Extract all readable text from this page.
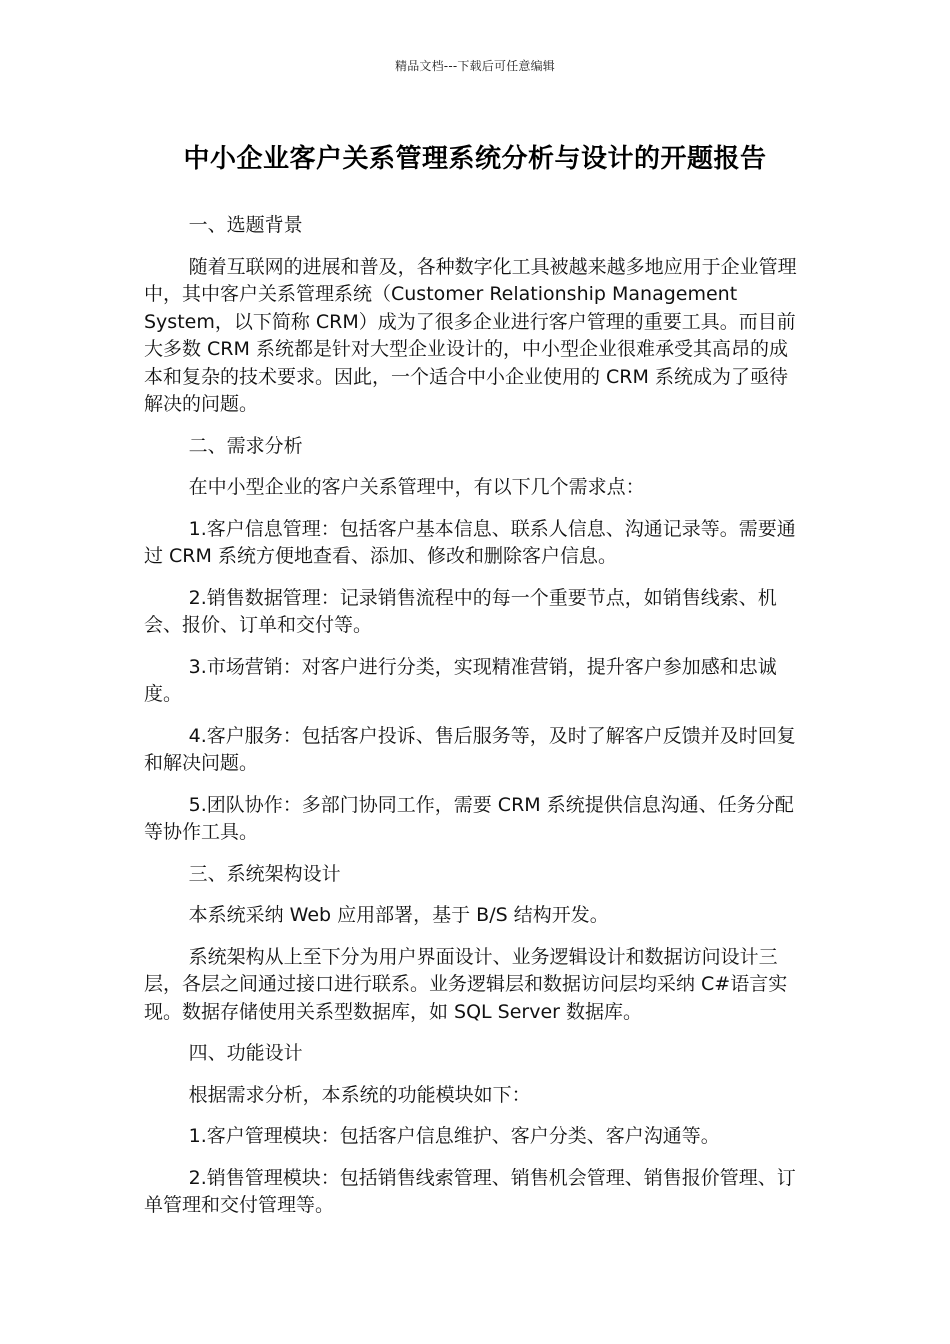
精品文档---下载后可任意编辑
中小企业客户关系管理系统分析与设计的开题报告

一、选题背景

随着互联网的进展和普及，各种数字化工具被越来越多地应用于企业管理中，其中客户关系管理系统（Customer Relationship Management System，以下简称 CRM）成为了很多企业进行客户管理的重要工具。而目前大多数 CRM 系统都是针对大型企业设计的，中小型企业很难承受其高昂的成本和复杂的技术要求。因此，一个适合中小企业使用的 CRM 系统成为了亟待解决的问题。

二、需求分析

在中小型企业的客户关系管理中，有以下几个需求点：

1.客户信息管理：包括客户基本信息、联系人信息、沟通记录等。需要通过 CRM 系统方便地查看、添加、修改和删除客户信息。

2.销售数据管理：记录销售流程中的每一个重要节点，如销售线索、机会、报价、订单和交付等。

3.市场营销：对客户进行分类，实现精准营销，提升客户参加感和忠诚度。

4.客户服务：包括客户投诉、售后服务等，及时了解客户反馈并及时回复和解决问题。

5.团队协作：多部门协同工作，需要 CRM 系统提供信息沟通、任务分配等协作工具。

三、系统架构设计

本系统采纳 Web 应用部署，基于 B/S 结构开发。

系统架构从上至下分为用户界面设计、业务逻辑设计和数据访问设计三层，各层之间通过接口进行联系。业务逻辑层和数据访问层均采纳 C#语言实现。数据存储使用关系型数据库，如 SQL Server 数据库。

四、功能设计

根据需求分析，本系统的功能模块如下：

1.客户管理模块：包括客户信息维护、客户分类、客户沟通等。

2.销售管理模块：包括销售线索管理、销售机会管理、销售报价管理、订单管理和交付管理等。
